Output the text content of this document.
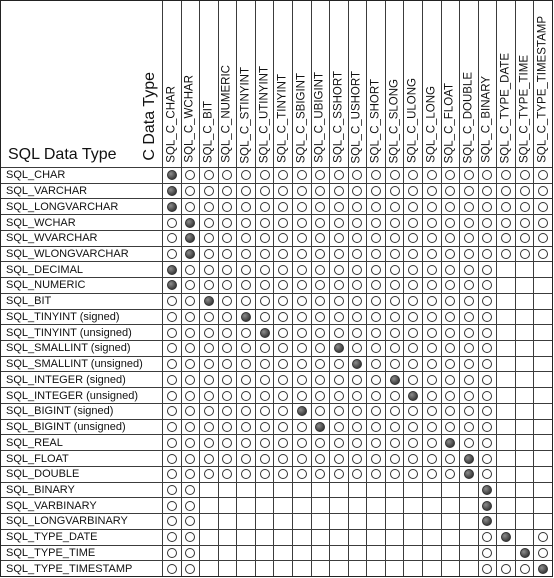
C Data Type
SQL Data Type	SQL_C_CHAR SQL_C_WCHAR SQL_C_BIT SQL_C_NUMERIC SQL_C_STINYINT SQL_C_UTINYINT SQL_C_TINYINT SQL_C_SBIGINT SQL_C_UBIGINT SQL_C_SSHORT SQL_C_USHORT SQL_C_SHORT SQL_C_SLONG SQL_C_ULONG SQL_C_LONG SQL_C_FLOAT SQL_C_DOUBLE SQL_C_BINARY SQL_C_TYPE_DATE SQL_C_TYPE_TIME SQL_C_TYPE_TIMESTAMP
SQL_CHAR
SQL_VARCHAR
SQL_LONGVARCHAR
SQL_WCHAR
SQL_WVARCHAR
SQL_WLONGVARCHAR
SQL_DECIMAL
SQL_NUMERIC
SQL_BIT
SQL_TINYINT (signed)
SQL_TINYINT (unsigned)
SQL_SMALLINT (signed)
SQL_SMALLINT (unsigned)
SQL_INTEGER (signed)
SQL_INTEGER (unsigned)
SQL_BIGINT (signed)
SQL_BIGINT (unsigned)
SQL_REAL
SQL_FLOAT
SQL_DOUBLE
SQL_BINARY
SQL_VARBINARY
SQL_LONGVARBINARY
SQL_TYPE_DATE
SQL_TYPE_TIME
SQL_TYPE_TIMESTAMP
